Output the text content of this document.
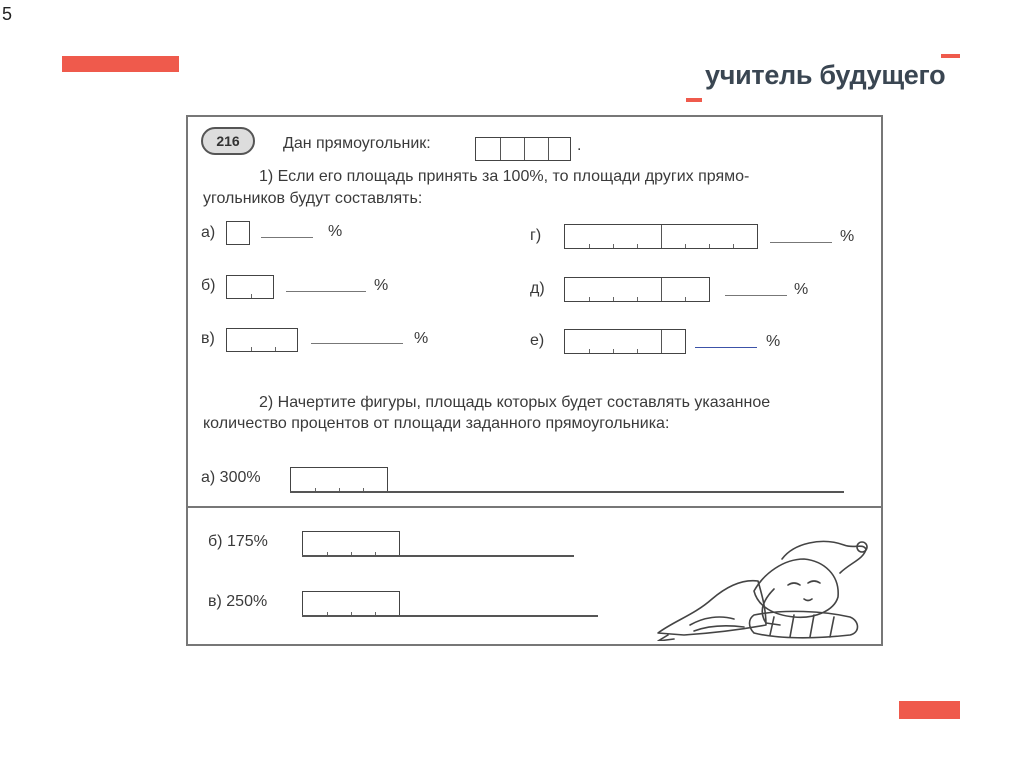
5
учитель будущего
216	Дан прямоугольник:	.
1) Если его площадь принять за 100%, то площади других прямо-
угольников будут составлять:
а)	%
б)	%
в)	%
г)	%
д)	%
е)	%
2) Начертите фигуры, площадь которых будет составлять указанное
количество процентов от площади заданного прямоугольника:
а) 300%
б) 175%
в) 250%
